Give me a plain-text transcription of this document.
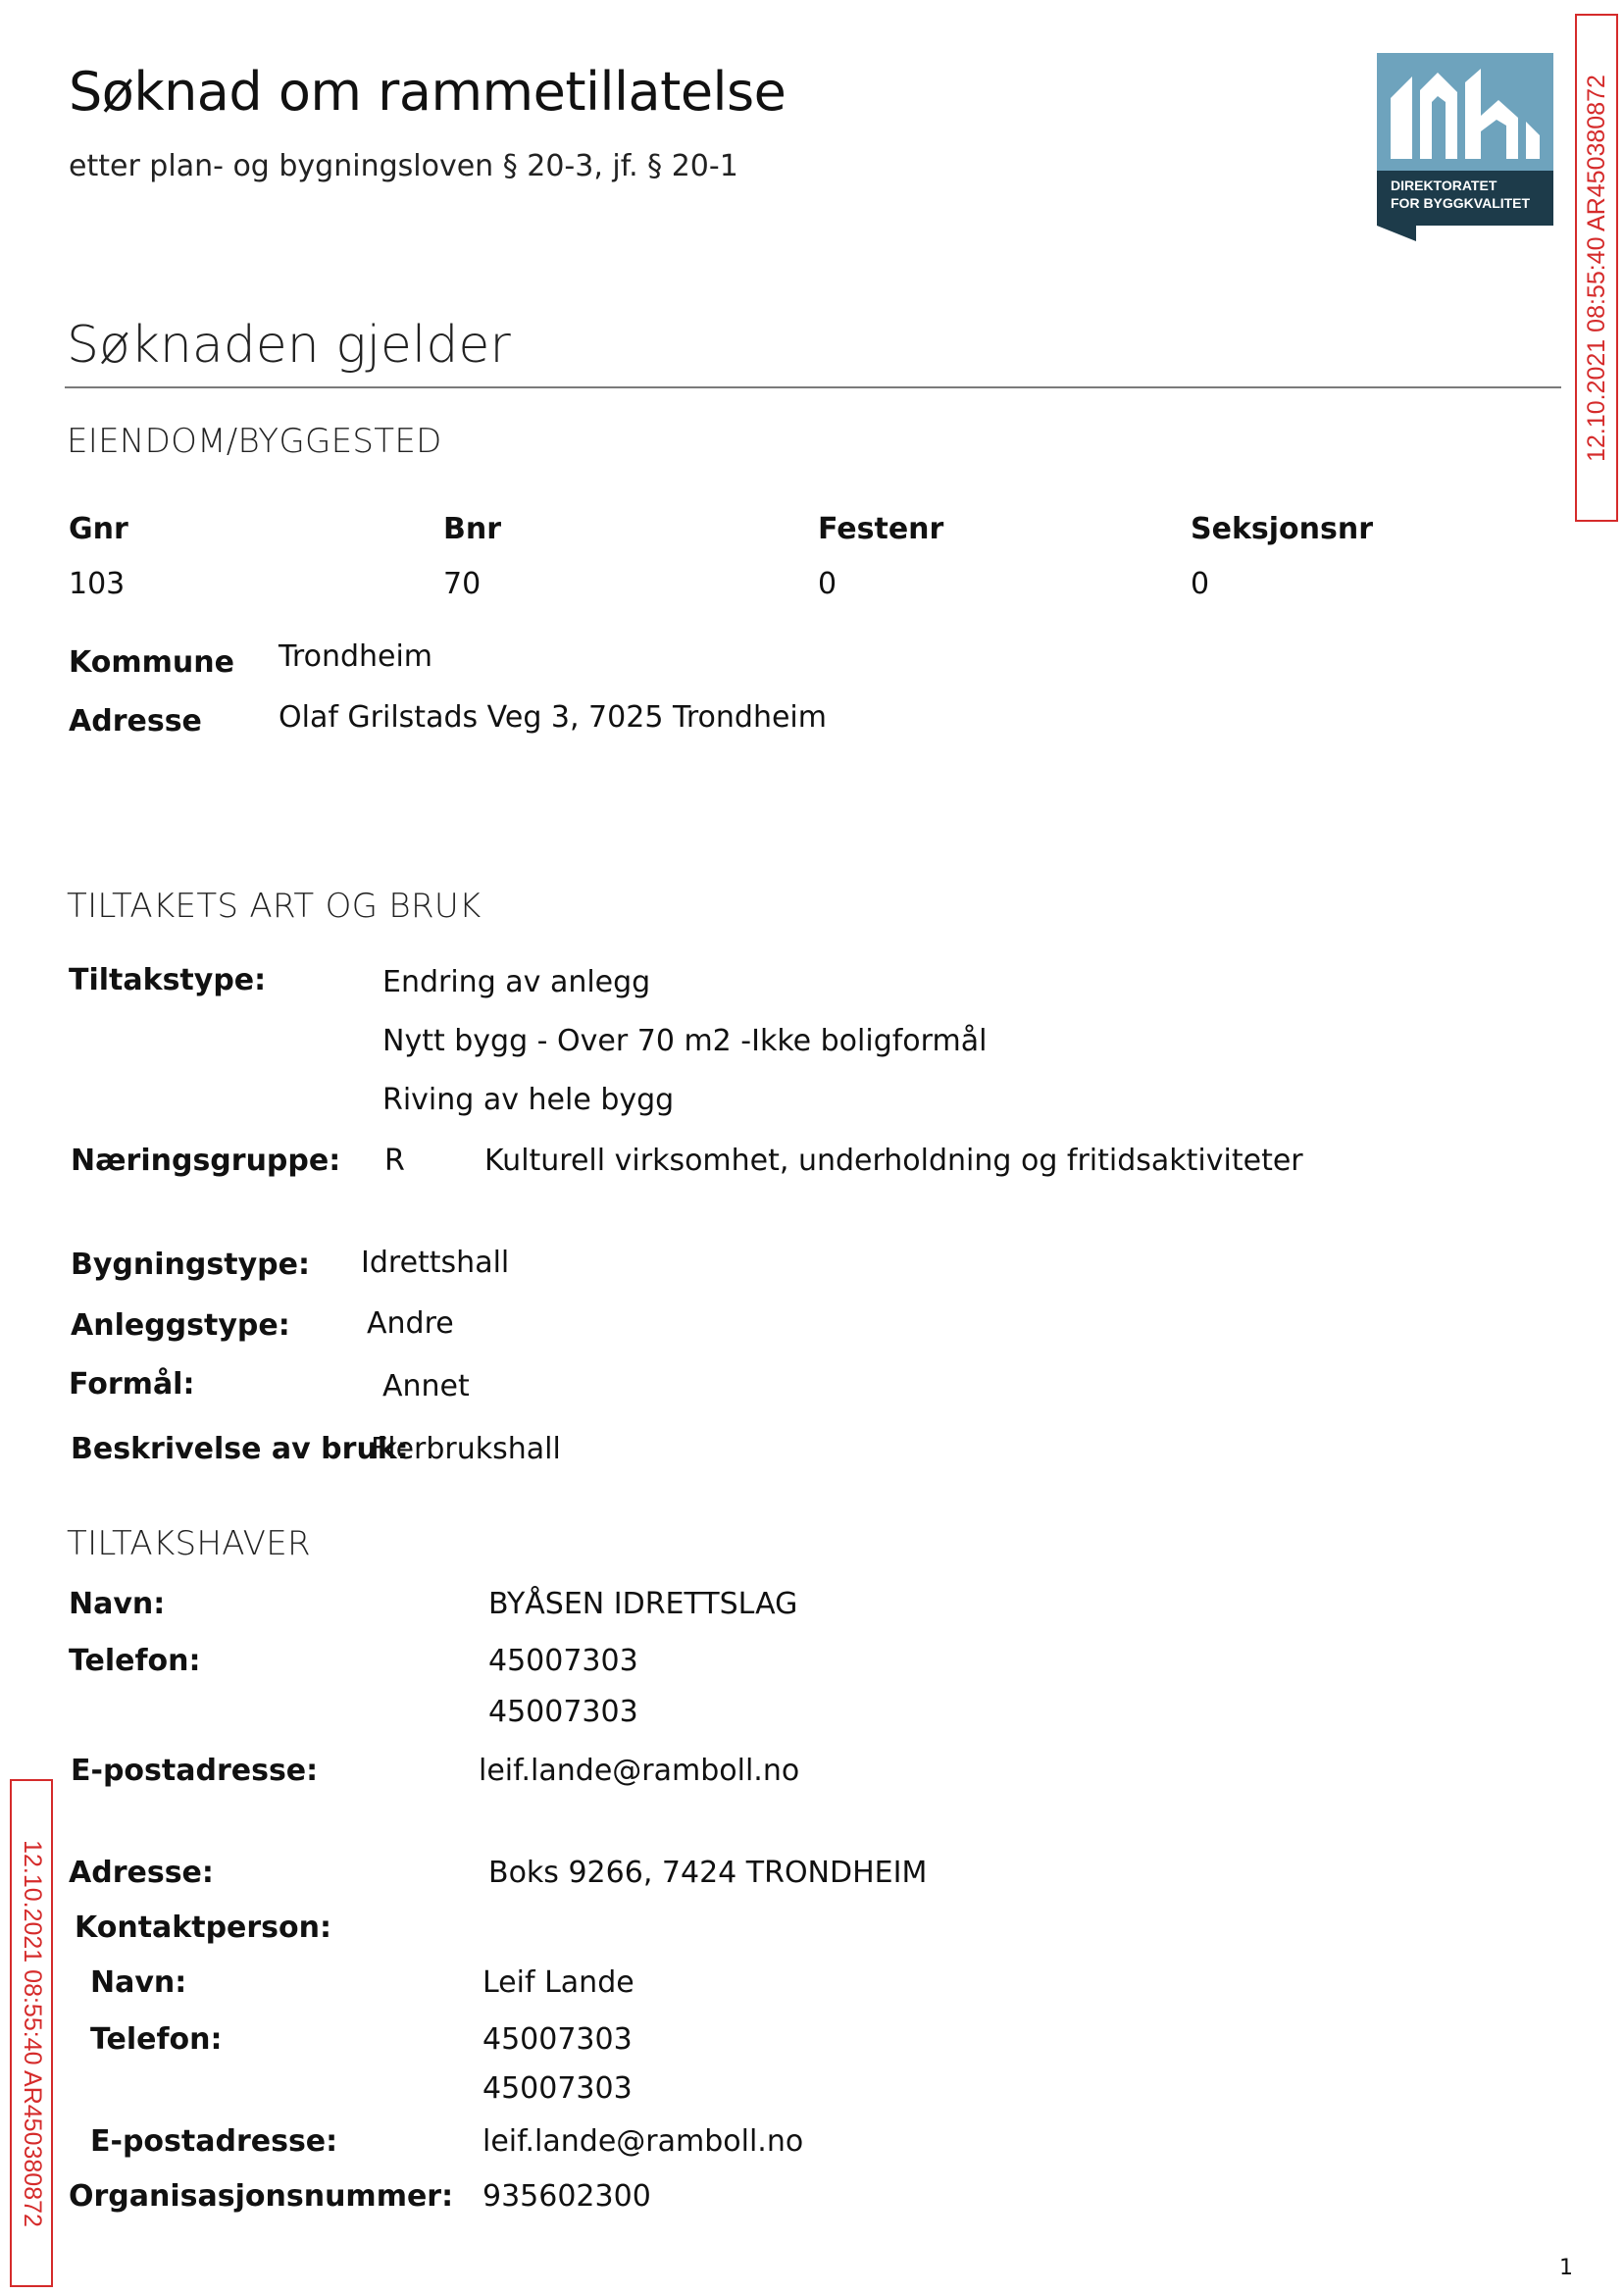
Søknad om rammetillatelse
etter plan- og bygningsloven § 20-3, jf. § 20-1
DIREKTORATET
FOR BYGGKVALITET 12.10.2021 08:55:40 AR450380872
12.10.2021 08:55:40 AR450380872
Søknaden gjelder
EIENDOM/BYGGESTED
Gnr	Bnr	Festenr	Seksjonsnr
103	70	0	0
Kommune Trondheim
Adresse	Olaf Grilstads Veg 3, 7025 Trondheim
TILTAKETS ART OG BRUK
Tiltakstype:	Endring av anlegg
Nytt bygg - Over 70 m2 -Ikke boligformål
Riving av hele bygg
Næringsgruppe: R	Kulturell virksomhet, underholdning og fritidsaktiviteter
Bygningstype: Idrettshall
Anleggstype:	Andre
Formål:	Annet
Beskrivelse av bruk:
Flerbrukshall
TILTAKSHAVER
Navn:	BYÅSEN IDRETTSLAG
Telefon:	45007303
45007303
E-postadresse:	leif.lande@ramboll.no
Adresse:	Boks 9266, 7424 TRONDHEIM
Kontaktperson:
Navn:	Leif Lande
Telefon:	45007303
45007303
E-postadresse:	leif.lande@ramboll.no
Organisasjonsnummer: 935602300
1
